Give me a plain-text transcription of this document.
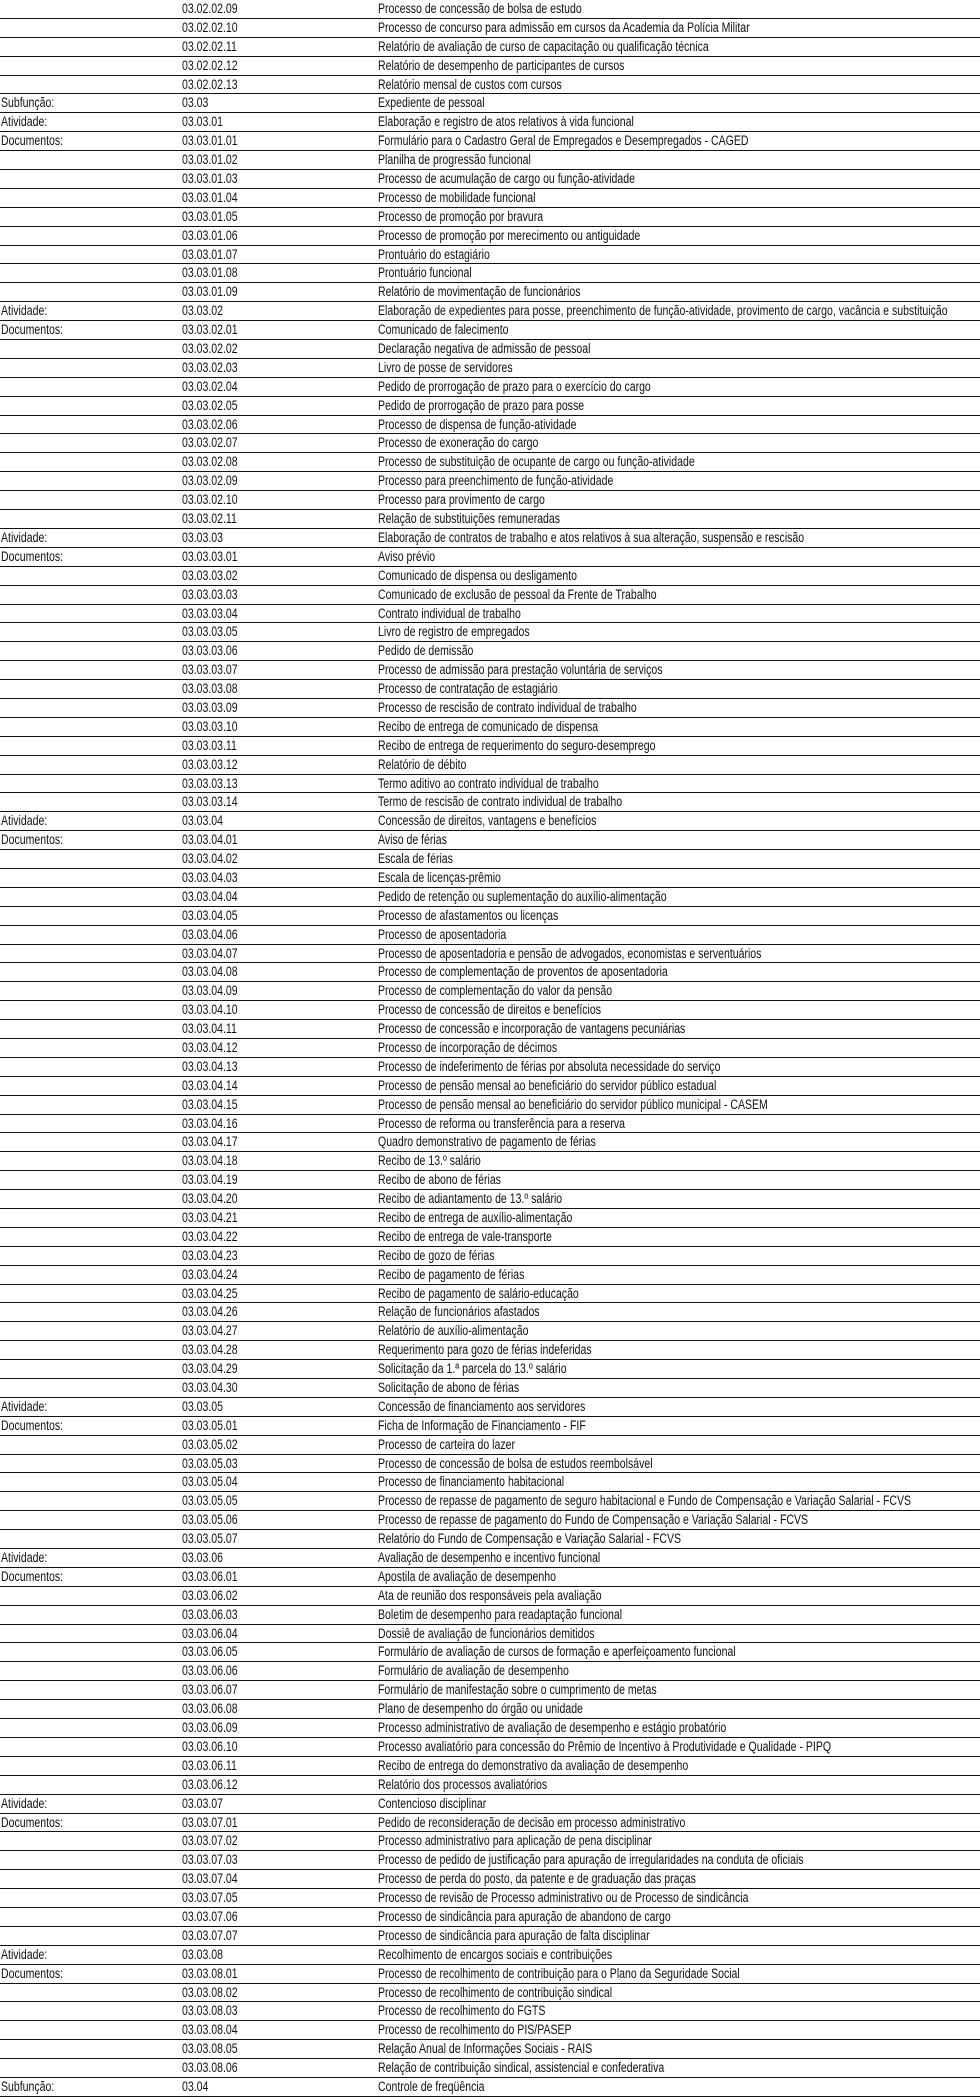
03.02.02.09	Processo de concessão de bolsa de estudo
03.02.02.10	Processo de concurso para admissão em cursos da Academia da Polícia Militar
03.02.02.11	Relatório de avaliação de curso de capacitação ou qualificação técnica
03.02.02.12	Relatório de desempenho de participantes de cursos
03.02.02.13	Relatório mensal de custos com cursos
Subfunção:	03.03	Expediente de pessoal
Atividade:	03.03.01	Elaboração e registro de atos relativos à vida funcional
Documentos:	03.03.01.01	Formulário para o Cadastro Geral de Empregados e Desempregados - CAGED
03.03.01.02	Planilha de progressão funcional
03.03.01.03	Processo de acumulação de cargo ou função-atividade
03.03.01.04	Processo de mobilidade funcional
03.03.01.05	Processo de promoção por bravura
03.03.01.06	Processo de promoção por merecimento ou antiguidade
03.03.01.07	Prontuário do estagiário
03.03.01.08	Prontuário funcional
03.03.01.09	Relatório de movimentação de funcionários
Atividade:	03.03.02	Elaboração de expedientes para posse, preenchimento de função-atividade, provimento de cargo, vacância e substituição
Documentos:	03.03.02.01	Comunicado de falecimento
03.03.02.02	Declaração negativa de admissão de pessoal
03.03.02.03	Livro de posse de servidores
03.03.02.04	Pedido de prorrogação de prazo para o exercício do cargo
03.03.02.05	Pedido de prorrogação de prazo para posse
03.03.02.06	Processo de dispensa de função-atividade
03.03.02.07	Processo de exoneração do cargo
03.03.02.08	Processo de substituição de ocupante de cargo ou função-atividade
03.03.02.09	Processo para preenchimento de função-atividade
03.03.02.10	Processo para provimento de cargo
03.03.02.11	Relação de substituições remuneradas
Atividade:	03.03.03	Elaboração de contratos de trabalho e atos relativos à sua alteração, suspensão e rescisão
Documentos:	03.03.03.01	Aviso prévio
03.03.03.02	Comunicado de dispensa ou desligamento
03.03.03.03	Comunicado de exclusão de pessoal da Frente de Trabalho
03.03.03.04	Contrato individual de trabalho
03.03.03.05	Livro de registro de empregados
03.03.03.06	Pedido de demissão
03.03.03.07	Processo de admissão para prestação voluntária de serviços
03.03.03.08	Processo de contratação de estagiário
03.03.03.09	Processo de rescisão de contrato individual de trabalho
03.03.03.10	Recibo de entrega de comunicado de dispensa
03.03.03.11	Recibo de entrega de requerimento do seguro-desemprego
03.03.03.12	Relatório de débito
03.03.03.13	Termo aditivo ao contrato individual de trabalho
03.03.03.14	Termo de rescisão de contrato individual de trabalho
Atividade:	03.03.04	Concessão de direitos, vantagens e benefícios
Documentos:	03.03.04.01	Aviso de férias
03.03.04.02	Escala de férias
03.03.04.03	Escala de licenças-prêmio
03.03.04.04	Pedido de retenção ou suplementação do auxílio-alimentação
03.03.04.05	Processo de afastamentos ou licenças
03.03.04.06	Processo de aposentadoria
03.03.04.07	Processo de aposentadoria e pensão de advogados, economistas e serventuários
03.03.04.08	Processo de complementação de proventos de aposentadoria
03.03.04.09	Processo de complementação do valor da pensão
03.03.04.10	Processo de concessão de direitos e benefícios
03.03.04.11	Processo de concessão e incorporação de vantagens pecuniárias
03.03.04.12	Processo de incorporação de décimos
03.03.04.13	Processo de indeferimento de férias por absoluta necessidade do serviço
03.03.04.14	Processo de pensão mensal ao beneficiário do servidor público estadual
03.03.04.15	Processo de pensão mensal ao beneficiário do servidor público municipal - CASEM
03.03.04.16	Processo de reforma ou transferência para a reserva
03.03.04.17	Quadro demonstrativo de pagamento de férias
03.03.04.18	Recibo de 13.º salário
03.03.04.19	Recibo de abono de férias
03.03.04.20	Recibo de adiantamento de 13.º salário
03.03.04.21	Recibo de entrega de auxílio-alimentação
03.03.04.22	Recibo de entrega de vale-transporte
03.03.04.23	Recibo de gozo de férias
03.03.04.24	Recibo de pagamento de férias
03.03.04.25	Recibo de pagamento de salário-educação
03.03.04.26	Relação de funcionários afastados
03.03.04.27	Relatório de auxílio-alimentação
03.03.04.28	Requerimento para gozo de férias indeferidas
03.03.04.29	Solicitação da 1.ª parcela do 13.º salário
03.03.04.30	Solicitação de abono de férias
Atividade:	03.03.05	Concessão de financiamento aos servidores
Documentos:	03.03.05.01	Ficha de Informação de Financiamento - FIF
03.03.05.02	Processo de carteira do lazer
03.03.05.03	Processo de concessão de bolsa de estudos reembolsável
03.03.05.04	Processo de financiamento habitacional
03.03.05.05	Processo de repasse de pagamento de seguro habitacional e Fundo de Compensação e Variação Salarial - FCVS
03.03.05.06	Processo de repasse de pagamento do Fundo de Compensação e Variação Salarial - FCVS
03.03.05.07	Relatório do Fundo de Compensação e Variação Salarial - FCVS
Atividade:	03.03.06	Avaliação de desempenho e incentivo funcional
Documentos:	03.03.06.01	Apostila de avaliação de desempenho
03.03.06.02	Ata de reunião dos responsáveis pela avaliação
03.03.06.03	Boletim de desempenho para readaptação funcional
03.03.06.04	Dossiê de avaliação de funcionários demitidos
03.03.06.05	Formulário de avaliação de cursos de formação e aperfeiçoamento funcional
03.03.06.06	Formulário de avaliação de desempenho
03.03.06.07	Formulário de manifestação sobre o cumprimento de metas
03.03.06.08	Plano de desempenho do órgão ou unidade
03.03.06.09	Processo administrativo de avaliação de desempenho e estágio probatório
03.03.06.10	Processo avaliatório para concessão do Prêmio de Incentivo à Produtividade e Qualidade - PIPQ
03.03.06.11	Recibo de entrega do demonstrativo da avaliação de desempenho
03.03.06.12	Relatório dos processos avaliatórios
Atividade:	03.03.07	Contencioso disciplinar
Documentos:	03.03.07.01	Pedido de reconsideração de decisão em processo administrativo
03.03.07.02	Processo administrativo para aplicação de pena disciplinar
03.03.07.03	Processo de pedido de justificação para apuração de irregularidades na conduta de oficiais
03.03.07.04	Processo de perda do posto, da patente e de graduação das praças
03.03.07.05	Processo de revisão de Processo administrativo ou de Processo de sindicância
03.03.07.06	Processo de sindicância para apuração de abandono de cargo
03.03.07.07	Processo de sindicância para apuração de falta disciplinar
Atividade:	03.03.08	Recolhimento de encargos sociais e contribuições
Documentos:	03.03.08.01	Processo de recolhimento de contribuição para o Plano da Seguridade Social
03.03.08.02	Processo de recolhimento de contribuição sindical
03.03.08.03	Processo de recolhimento do FGTS
03.03.08.04	Processo de recolhimento do PIS/PASEP
03.03.08.05	Relação Anual de Informações Sociais - RAIS
03.03.08.06	Relação de contribuição sindical, assistencial e confederativa
Subfunção:	03.04	Controle de freqüência
